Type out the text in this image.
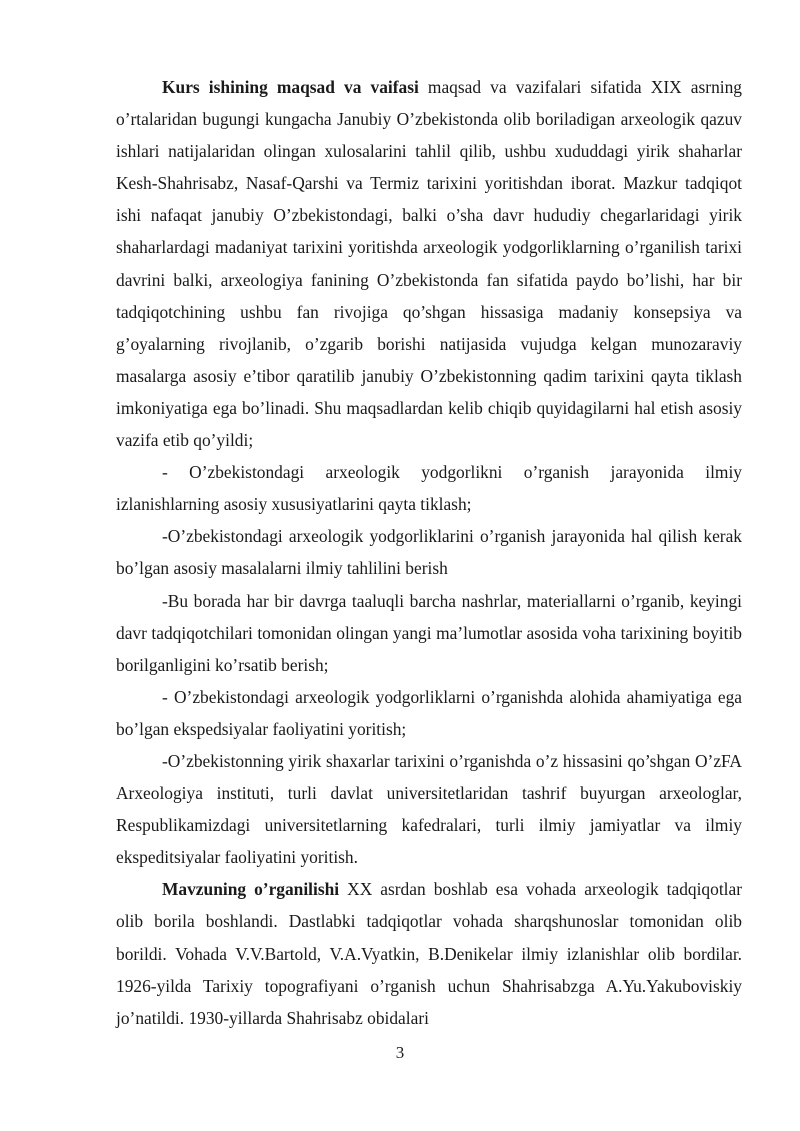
Kurs ishining maqsad va vaifasi maqsad va vazifalari sifatida XIX asrning o’rtalaridan bugungi kungacha Janubiy O’zbekistonda olib boriladigan arxeologik qazuv ishlari natijalaridan olingan xulosalarini tahlil qilib, ushbu xududdagi yirik shaharlar Kesh-Shahrisabz, Nasaf-Qarshi va Termiz tarixini yoritishdan iborat. Mazkur tadqiqot ishi nafaqat janubiy O’zbekistondagi, balki o’sha davr hududiy chegarlaridagi yirik shaharlardagi madaniyat tarixini yoritishda arxeologik yodgorliklarning o’rganilish tarixi davrini balki, arxeologiya fanining O’zbekistonda fan sifatida paydo bo’lishi, har bir tadqiqotchining ushbu fan rivojiga qo’shgan hissasiga madaniy konsepsiya va g’oyalarning rivojlanib, o’zgarib borishi natijasida vujudga kelgan munozaraviy masalarga asosiy e’tibor qaratilib janubiy O’zbekistonning qadim tarixini qayta tiklash imkoniyatiga ega bo’linadi. Shu maqsadlardan kelib chiqib quyidagilarni hal etish asosiy vazifa etib qo’yildi;

- O’zbekistondagi arxeologik yodgorlikni o’rganish jarayonida ilmiy izlanishlarning asosiy xususiyatlarini qayta tiklash;

-O’zbekistondagi arxeologik yodgorliklarini o’rganish jarayonida hal qilish kerak bo’lgan asosiy masalalarni ilmiy tahlilini berish

-Bu borada har bir davrga taaluqli barcha nashrlar, materiallarni o’rganib, keyingi davr tadqiqotchilari tomonidan olingan yangi ma’lumotlar asosida voha tarixining boyitib borilganligini ko’rsatib berish;

- O’zbekistondagi arxeologik yodgorliklarni o’rganishda alohida ahamiyatiga ega bo’lgan ekspedsiyalar faoliyatini yoritish;

-O’zbekistonning yirik shaxarlar tarixini o’rganishda o’z hissasini qo’shgan O’zFA Arxeologiya instituti, turli davlat universitetlaridan tashrif buyurgan arxeologlar, Respublikamizdagi universitetlarning kafedralari, turli ilmiy jamiyatlar va ilmiy ekspeditsiyalar faoliyatini yoritish.

Mavzuning o’rganilishi XX asrdan boshlab esa vohada arxeologik tadqiqotlar olib borila boshlandi. Dastlabki tadqiqotlar vohada sharqshunoslar tomonidan olib borildi. Vohada V.V.Bartold, V.A.Vyatkin, B.Denikelar ilmiy izlanishlar olib bordilar. 1926-yilda Tarixiy topografiyani o’rganish uchun Shahrisabzga A.Yu.Yakuboviskiy jo’natildi. 1930-yillarda Shahrisabz obidalari

3
